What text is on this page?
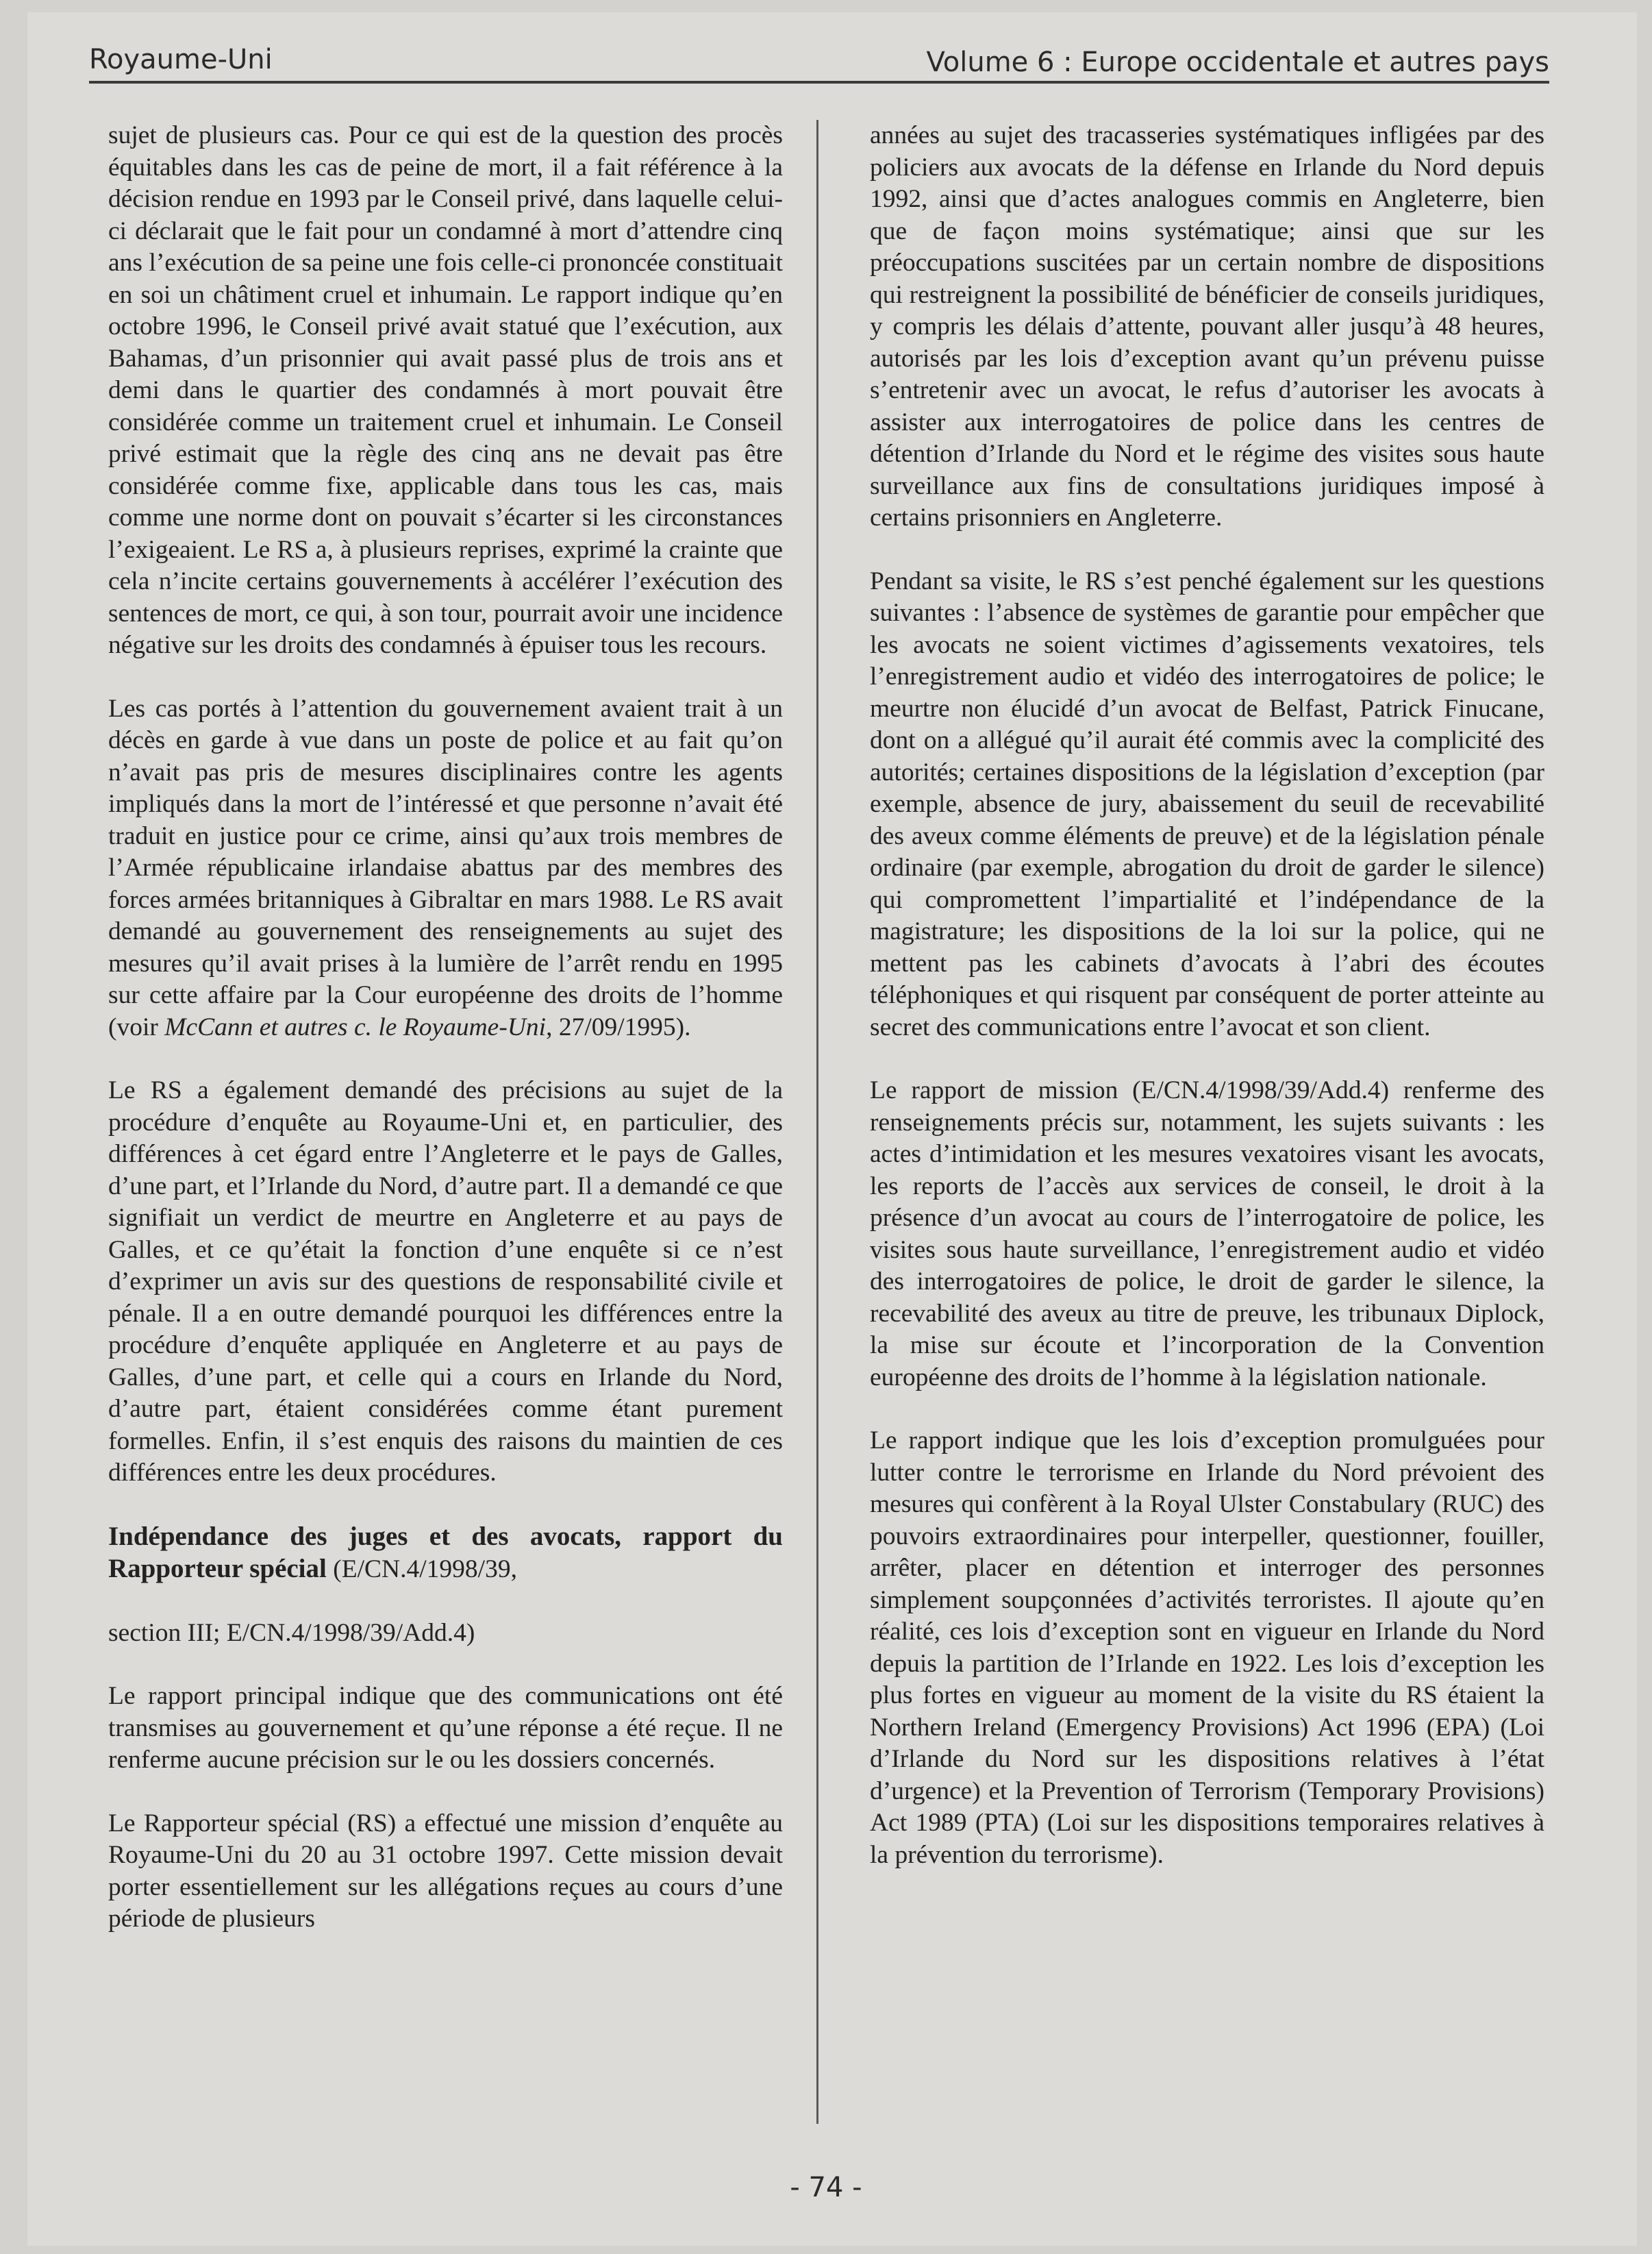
Royaume-Uni	Volume 6 : Europe occidentale et autres pays

sujet de plusieurs cas. Pour ce qui est de la question des procès équitables dans les cas de peine de mort, il a fait référence à la décision rendue en 1993 par le Conseil privé, dans laquelle celui-ci déclarait que le fait pour un condamné à mort d’attendre cinq ans l’exécution de sa peine une fois celle-ci prononcée constituait en soi un châtiment cruel et inhumain. Le rapport indique qu’en octobre 1996, le Conseil privé avait statué que l’exécution, aux Bahamas, d’un prisonnier qui avait passé plus de trois ans et demi dans le quartier des condamnés à mort pouvait être considérée comme un traitement cruel et inhumain. Le Conseil privé estimait que la règle des cinq ans ne devait pas être considérée comme fixe, applicable dans tous les cas, mais comme une norme dont on pouvait s’écarter si les circonstances l’exigeaient. Le RS a, à plusieurs reprises, exprimé la crainte que cela n’incite certains gouvernements à accélérer l’exécution des sentences de mort, ce qui, à son tour, pourrait avoir une incidence négative sur les droits des condamnés à épuiser tous les recours.

Les cas portés à l’attention du gouvernement avaient trait à un décès en garde à vue dans un poste de police et au fait qu’on n’avait pas pris de mesures disciplinaires contre les agents impliqués dans la mort de l’intéressé et que personne n’avait été traduit en justice pour ce crime, ainsi qu’aux trois membres de l’Armée républicaine irlandaise abattus par des membres des forces armées britanniques à Gibraltar en mars 1988. Le RS avait demandé au gouvernement des renseignements au sujet des mesures qu’il avait prises à la lumière de l’arrêt rendu en 1995 sur cette affaire par la Cour européenne des droits de l’homme (voir McCann et autres c. le Royaume-Uni, 27/09/1995).

Le RS a également demandé des précisions au sujet de la procédure d’enquête au Royaume-Uni et, en particulier, des différences à cet égard entre l’Angleterre et le pays de Galles, d’une part, et l’Irlande du Nord, d’autre part. Il a demandé ce que signifiait un verdict de meurtre en Angleterre et au pays de Galles, et ce qu’était la fonction d’une enquête si ce n’est d’exprimer un avis sur des questions de responsabilité civile et pénale. Il a en outre demandé pourquoi les différences entre la procédure d’enquête appliquée en Angleterre et au pays de Galles, d’une part, et celle qui a cours en Irlande du Nord, d’autre part, étaient considérées comme étant purement formelles. Enfin, il s’est enquis des raisons du maintien de ces différences entre les deux procédures.

Indépendance des juges et des avocats, rapport du Rapporteur spécial (E/CN.4/1998/39,

section III; E/CN.4/1998/39/Add.4)

Le rapport principal indique que des communications ont été transmises au gouvernement et qu’une réponse a été reçue. Il ne renferme aucune précision sur le ou les dossiers concernés.

Le Rapporteur spécial (RS) a effectué une mission d’enquête au Royaume-Uni du 20 au 31 octobre 1997. Cette mission devait porter essentiellement sur les allégations reçues au cours d’une période de plusieurs

années au sujet des tracasseries systématiques infligées par des policiers aux avocats de la défense en Irlande du Nord depuis 1992, ainsi que d’actes analogues commis en Angleterre, bien que de façon moins systématique; ainsi que sur les préoccupations suscitées par un certain nombre de dispositions qui restreignent la possibilité de bénéficier de conseils juridiques, y compris les délais d’attente, pouvant aller jusqu’à 48 heures, autorisés par les lois d’exception avant qu’un prévenu puisse s’entretenir avec un avocat, le refus d’autoriser les avocats à assister aux interrogatoires de police dans les centres de détention d’Irlande du Nord et le régime des visites sous haute surveillance aux fins de consultations juridiques imposé à certains prisonniers en Angleterre.

Pendant sa visite, le RS s’est penché également sur les questions suivantes : l’absence de systèmes de garantie pour empêcher que les avocats ne soient victimes d’agissements vexatoires, tels l’enregistrement audio et vidéo des interrogatoires de police; le meurtre non élucidé d’un avocat de Belfast, Patrick Finucane, dont on a allégué qu’il aurait été commis avec la complicité des autorités; certaines dispositions de la législation d’exception (par exemple, absence de jury, abaissement du seuil de recevabilité des aveux comme éléments de preuve) et de la législation pénale ordinaire (par exemple, abrogation du droit de garder le silence) qui compromettent l’impartialité et l’indépendance de la magistrature; les dispositions de la loi sur la police, qui ne mettent pas les cabinets d’avocats à l’abri des écoutes téléphoniques et qui risquent par conséquent de porter atteinte au secret des communications entre l’avocat et son client.

Le rapport de mission (E/CN.4/1998/39/Add.4) renferme des renseignements précis sur, notamment, les sujets suivants : les actes d’intimidation et les mesures vexatoires visant les avocats, les reports de l’accès aux services de conseil, le droit à la présence d’un avocat au cours de l’interrogatoire de police, les visites sous haute surveillance, l’enregistrement audio et vidéo des interrogatoires de police, le droit de garder le silence, la recevabilité des aveux au titre de preuve, les tribunaux Diplock, la mise sur écoute et l’incorporation de la Convention européenne des droits de l’homme à la législation nationale.

Le rapport indique que les lois d’exception promulguées pour lutter contre le terrorisme en Irlande du Nord prévoient des mesures qui confèrent à la Royal Ulster Constabulary (RUC) des pouvoirs extraordinaires pour interpeller, questionner, fouiller, arrêter, placer en détention et interroger des personnes simplement soupçonnées d’activités terroristes. Il ajoute qu’en réalité, ces lois d’exception sont en vigueur en Irlande du Nord depuis la partition de l’Irlande en 1922. Les lois d’exception les plus fortes en vigueur au moment de la visite du RS étaient la Northern Ireland (Emergency Provisions) Act 1996 (EPA) (Loi d’Irlande du Nord sur les dispositions relatives à l’état d’urgence) et la Prevention of Terrorism (Temporary Provisions) Act 1989 (PTA) (Loi sur les dispositions temporaires relatives à la prévention du terrorisme).

- 74 -
